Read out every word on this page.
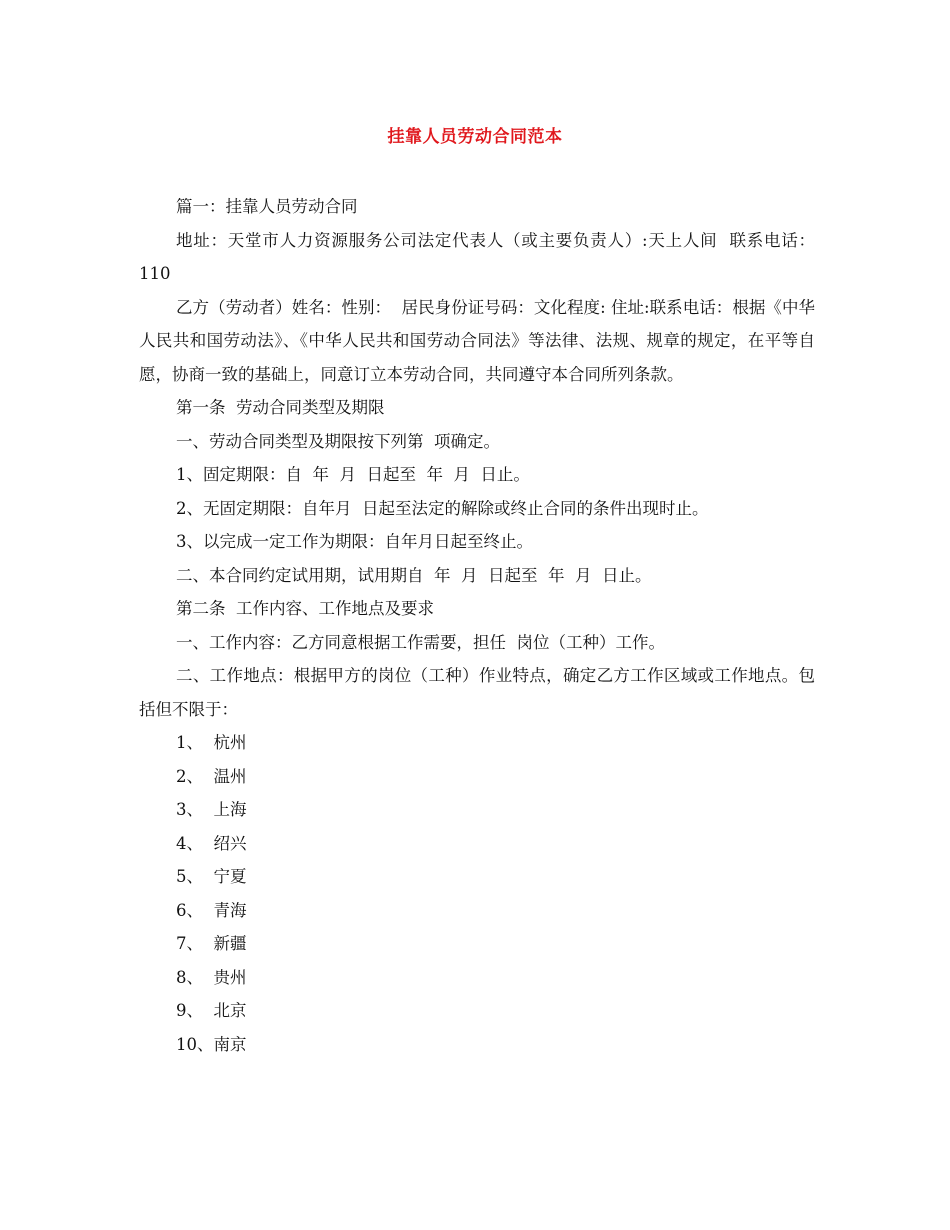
挂靠人员劳动合同范本

篇一：挂靠人员劳动合同

地址：天堂市人力资源服务公司法定代表人（或主要负责人）:天上人间  联系电话：110

乙方（劳动者）姓名：性别：  居民身份证号码：文化程度: 住址:联系电话：根据《中华人民共和国劳动法》、《中华人民共和国劳动合同法》等法律、法规、规章的规定，在平等自愿，协商一致的基础上，同意订立本劳动合同，共同遵守本合同所列条款。

第一条  劳动合同类型及期限

一、劳动合同类型及期限按下列第  项确定。

1、固定期限：自  年  月  日起至  年  月  日止。

2、无固定期限：自年月  日起至法定的解除或终止合同的条件出现时止。

3、以完成一定工作为期限：自年月日起至终止。

二、本合同约定试用期，试用期自  年  月  日起至  年  月  日止。

第二条  工作内容、工作地点及要求

一、工作内容：乙方同意根据工作需要，担任  岗位（工种）工作。

二、工作地点：根据甲方的岗位（工种）作业特点，确定乙方工作区域或工作地点。包括但不限于：

1、  杭州

2、  温州

3、  上海

4、  绍兴

5、  宁夏

6、  青海

7、  新疆

8、  贵州

9、  北京

10、南京
